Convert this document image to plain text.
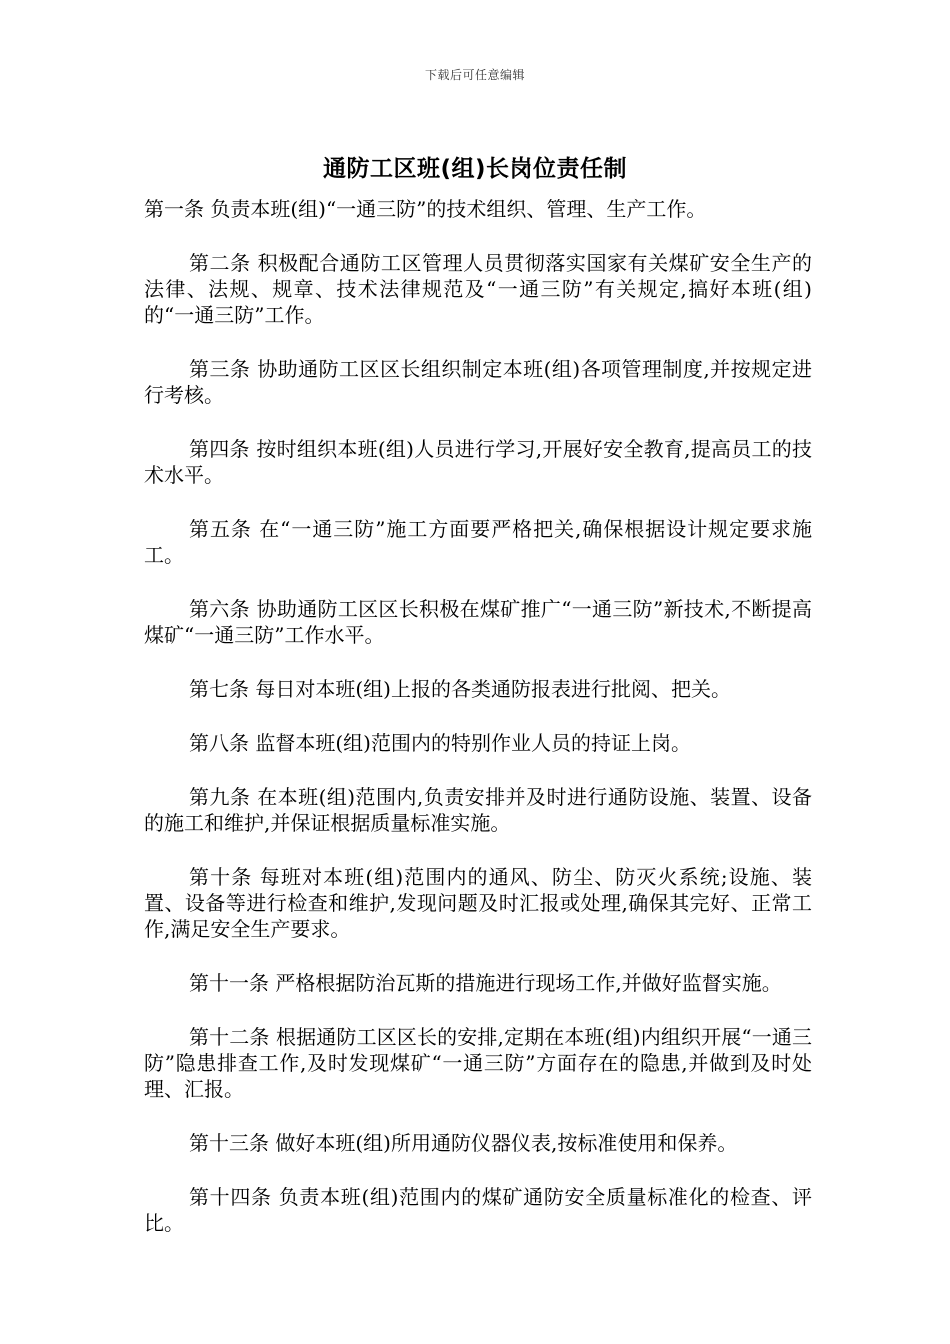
下载后可任意编辑
通防工区班(组)长岗位责任制

第一条 负责本班(组)“一通三防”的技术组织、管理、生产工作。

第二条 积极配合通防工区管理人员贯彻落实国家有关煤矿安全生产的法律、法规、规章、技术法律规范及“一通三防”有关规定,搞好本班(组)的“一通三防”工作。

第三条 协助通防工区区长组织制定本班(组)各项管理制度,并按规定进行考核。

第四条 按时组织本班(组)人员进行学习,开展好安全教育,提高员工的技术水平。

第五条 在“一通三防”施工方面要严格把关,确保根据设计规定要求施工。

第六条 协助通防工区区长积极在煤矿推广“一通三防”新技术,不断提高煤矿“一通三防”工作水平。

第七条 每日对本班(组)上报的各类通防报表进行批阅、把关。

第八条 监督本班(组)范围内的特别作业人员的持证上岗。

第九条 在本班(组)范围内,负责安排并及时进行通防设施、装置、设备的施工和维护,并保证根据质量标准实施。

第十条 每班对本班(组)范围内的通风、防尘、防灭火系统;设施、装置、设备等进行检查和维护,发现问题及时汇报或处理,确保其完好、正常工作,满足安全生产要求。

第十一条 严格根据防治瓦斯的措施进行现场工作,并做好监督实施。

第十二条 根据通防工区区长的安排,定期在本班(组)内组织开展“一通三防”隐患排查工作,及时发现煤矿“一通三防”方面存在的隐患,并做到及时处理、汇报。

第十三条 做好本班(组)所用通防仪器仪表,按标准使用和保养。

第十四条 负责本班(组)范围内的煤矿通防安全质量标准化的检查、评比。
